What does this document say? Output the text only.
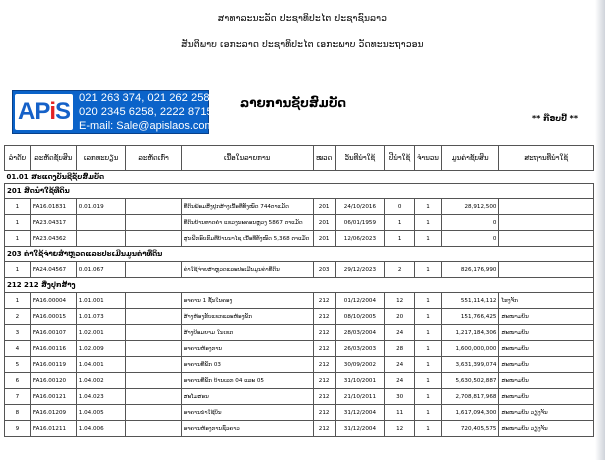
ສາທາລະນະລັດ ປະຊາທິປະໄຕ ປະຊາຊົນລາວ
ສັນຕິພາບ ເອກະລາດ ປະຊາທິປະໄຕ ເອກະພາບ ວັດທະນະຖາວອນ
APiS 021 263 374, 021 262 258
020 2345 6258, 2222 8715
E-mail: Sale@apislaos.com
ລາຍການຊັບສົມບັດ
** ກ໊ອບປີ້ **
ລຳດັບ	ລະຫັດຊັບສິນ	ເລກທະບຽນ	ລະຫັດເກົ່າ	ເນື້ອໃນລາຍການ	ໝວດ	ວັນທີນຳໃຊ້	ປີນຳໃຊ້	ຈຳນວນ	ມູນຄ່າຊັບສິນ	ສະຖານທີ່ນຳໃຊ້
01.01 ສະແດງບັນຊີຊັບສົມບັດ										
201 ສິດນຳໃຊ້ທີ່ດິນ										
1	FA16.01831	0.01.019		ທີ່ດິນພ້ອມສິ່ງປຸກສ້າງເນື້ອທີ່ທັງໝົດ 744ຕາແມັດ	201	24/10/2016	0	1	28,912,500	
1	FA23.04317			ທີ່ດິນບ້ານທາດຄຳ ແຂວງນະຄອນຫຼວງ 5867 ຕາແມັດ	201	06/01/1959	1	1	0	
1	FA23.04362			ສູນຝຶກອົບຮົມທີ່ບ້ານນາໄຊ ເນື້ອທີ່ທັງໝົດ 5,368 ຕາແມັດ	201	12/06/2023	1	1	0	
203 ຄ່າໃຊ້ຈ່າຍສຳຫຼວດແລະປະເມີນມູນຄ່າທີ່ດິນ										
1	FA24.04567	0.01.067		ຄ່າໃຊ້ຈ່າຍສຳຫຼວດແລະປະເມີນມູນຄ່າທີ່ດິນ	203	29/12/2023	2	1	826,176,990	
212 212 ສິ່ງປຸກສ້າງ										
1	FA16.00004	1.01.001		ອາຄານ 1 ຊັ້ນໃນຄອງ	212	01/12/2004	12	1	551,114,112	ໂຮງຈັກ
2	FA16.00015	1.01.073		ສ້າງຫ້ອງຮັບແຂກແລະຫ້ອງພັກ	212	08/10/2005	20	1	151,766,425	ສະໜາມບິນ
3	FA16.00107	1.02.001		ສ້າງປ້ອມຍາມ ໃນເຂດ	212	28/03/2004	24	1	1,217,184,306	ສະໜາມບິນ
4	FA16.00116	1.02.009		ອາຄານຫ້ອງການ	212	26/03/2003	28	1	1,600,000,000	ສະໜາມບິນ
5	FA16.00119	1.04.001		ອາຄານທີ່ພັກ 03	212	30/09/2002	24	1	3,631,399,074	ສະໜາມບິນ
6	FA16.00120	1.04.002		ອາຄານທີ່ພັກ ບ້ານເລກ 04 ແລະ 05	212	31/10/2001	24	1	5,630,502,887	ສະໜາມບິນ
7	FA16.00121	1.04.023		ສະໂມສອນ	212	21/10/2011	30	1	2,708,817,968	ສະໜາມບິນ
8	FA16.01209	1.04.005		ອາຄານນຳໃຊ້ບິນ	212	31/12/2004	11	1	1,617,094,300	ສະໜາມບິນ ວຽງຈັນ
9	FA16.01211	1.04.006		ອາຄານຫ້ອງການຊົ່ວຄາວ	212	31/12/2004	12	1	720,405,575	ສະໜາມບິນ ວຽງຈັນ
